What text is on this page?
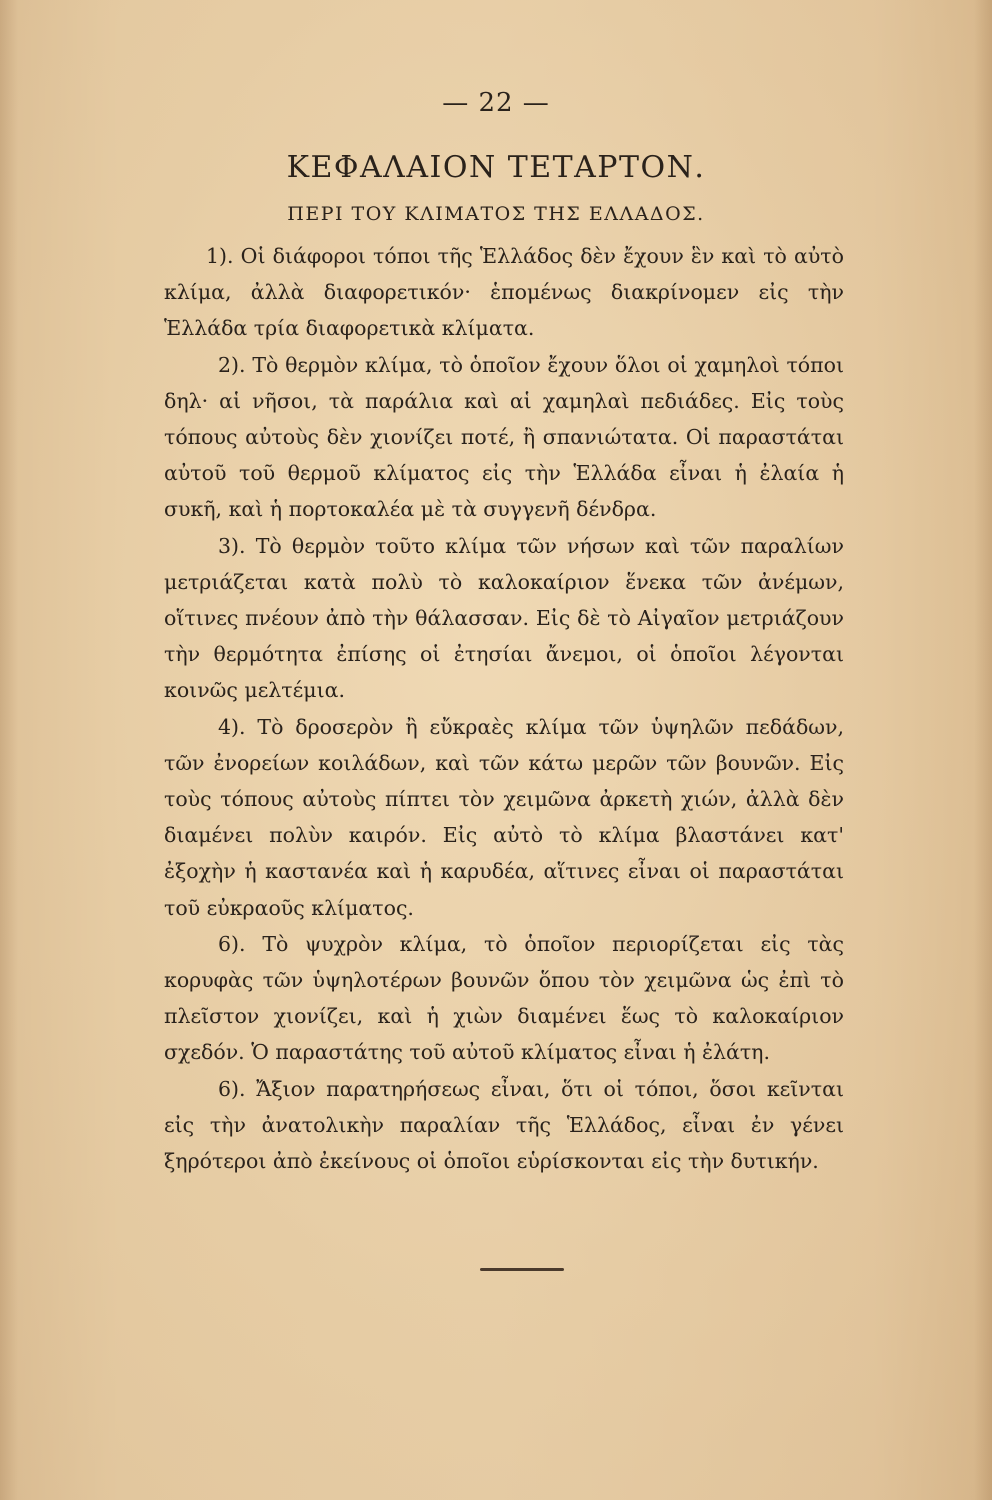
— 22 —
ΚΕΦΑΛΑΙΟΝ ΤΕΤΑΡΤΟΝ.
ΠΕΡΙ ΤΟΥ ΚΛΙΜΑΤΟΣ ΤΗΣ ΕΛΛΑΔΟΣ.

1). Οἱ διάφοροι τόποι τῆς Ἑλλάδος δὲν ἔχουν ἓν καὶ τὸ αὐτὸ κλίμα, ἀλλὰ διαφορετικόν· ἑπομένως διακρίνομεν εἰς τὴν Ἑλλάδα τρία διαφορετικὰ κλίματα.

2). Τὸ θερμὸν κλίμα, τὸ ὁποῖον ἔχουν ὅλοι οἱ χαμηλοὶ τόποι δηλ· αἱ νῆσοι, τὰ παράλια καὶ αἱ χαμηλαὶ πεδιάδες. Εἰς τοὺς τόπους αὐτοὺς δὲν χιονίζει ποτέ, ἢ σπανιώτατα. Οἱ παραστάται αὐτοῦ τοῦ θερμοῦ κλίματος εἰς τὴν Ἑλλάδα εἶναι ἡ ἐλαία ἡ συκῆ, καὶ ἡ πορτοκαλέα μὲ τὰ συγγενῆ δένδρα.

3). Τὸ θερμὸν τοῦτο κλίμα τῶν νήσων καὶ τῶν παραλίων μετριάζεται κατὰ πολὺ τὸ καλοκαίριον ἕνεκα τῶν ἀνέμων, οἵτινες πνέουν ἀπὸ τὴν θάλασσαν. Εἰς δὲ τὸ Αἰγαῖον μετριάζουν τὴν θερμότητα ἐπίσης οἱ ἐτησίαι ἄνεμοι, οἱ ὁποῖοι λέγονται κοινῶς μελτέμια.

4). Τὸ δροσερὸν ἢ εὔκραὲς κλίμα τῶν ὑψηλῶν πεδάδων, τῶν ἐνορείων κοιλάδων, καὶ τῶν κάτω μερῶν τῶν βουνῶν. Εἰς τοὺς τόπους αὐτοὺς πίπτει τὸν χειμῶνα ἀρκετὴ χιών, ἀλλὰ δὲν διαμένει πολὺν καιρόν. Εἰς αὐτὸ τὸ κλίμα βλαστάνει κατ' ἐξοχὴν ἡ καστανέα καὶ ἡ καρυδέα, αἵτινες εἶναι οἱ παραστάται τοῦ εὐκραοῦς κλίματος.

6). Τὸ ψυχρὸν κλίμα, τὸ ὁποῖον περιορίζεται εἰς τὰς κορυφὰς τῶν ὑψηλοτέρων βουνῶν ὅπου τὸν χειμῶνα ὡς ἐπὶ τὸ πλεῖστον χιονίζει, καὶ ἡ χιὼν διαμένει ἕως τὸ καλοκαίριον σχεδόν. Ὁ παραστάτης τοῦ αὐτοῦ κλίματος εἶναι ἡ ἐλάτη.

6). Ἄξιον παρατηρήσεως εἶναι, ὅτι οἱ τόποι, ὅσοι κεῖνται εἰς τὴν ἀνατολικὴν παραλίαν τῆς Ἑλλάδος, εἶναι ἐν γένει ξηρότεροι ἀπὸ ἐκείνους οἱ ὁποῖοι εὑρίσκονται εἰς τὴν δυτικήν.
